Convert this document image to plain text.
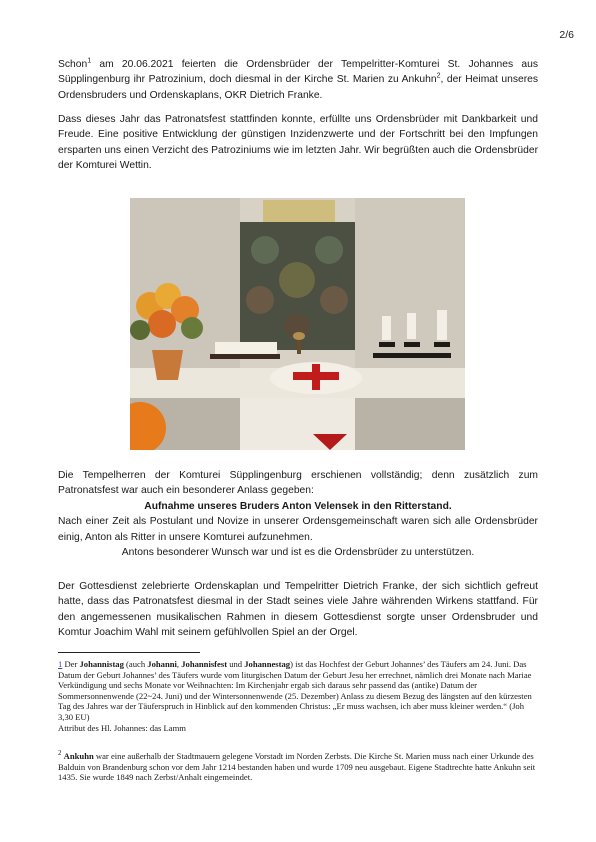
2/6

Schon$^1$ am 20.06.2021 feierten die Ordensbrüder der Tempelritter-Komturei St. Johannes aus Süpplingenburg ihr Patrozinium, doch diesmal in der Kirche St. Marien zu Ankuhn$^2$, der Heimat unseres Ordensbruders und Ordenskaplans, OKR Dietrich Franke.

Dass dieses Jahr das Patronatsfest stattfinden konnte, erfüllte uns Ordensbrüder mit Dankbarkeit und Freude. Eine positive Entwicklung der günstigen Inzidenzwerte und der Fortschritt bei den Impfungen ersparten uns einen Verzicht des Patroziniums wie im letzten Jahr. Wir begrüßten auch die Ordensbrüder der Komturei Wettin.

Die Tempelherren der Komturei Süpplingenburg erschienen vollständig; denn zusätzlich zum Patronatsfest war auch ein besonderer Anlass gegeben:
Aufnahme unseres Bruders Anton Velensek in den Ritterstand.
Nach einer Zeit als Postulant und Novize in unserer Ordensgemeinschaft waren sich alle Ordensbrüder einig, Anton als Ritter in unsere Komturei aufzunehmen.
Antons besonderer Wunsch war und ist es die Ordensbrüder zu unterstützen.

Der Gottesdienst zelebrierte Ordenskaplan und Tempelritter Dietrich Franke, der sich sichtlich gefreut hatte, dass das Patronatsfest diesmal in der Stadt seines viele Jahre währenden Wirkens stattfand. Für den angemessenen musikalischen Rahmen in diesem Gottesdienst sorgte unser Ordensbruder und Komtur Joachim Wahl mit seinem gefühlvollen Spiel an der Orgel.

1 Der Johannistag (auch Johanni, Johannisfest und Johannestag) ist das Hochfest der Geburt Johannes’ des Täufers am 24. Juni. Das Datum der Geburt Johannes’ des Täufers wurde vom liturgischen Datum der Geburt Jesu her errechnet, nämlich drei Monate nach Mariae Verkündigung und sechs Monate vor Weihnachten: Im Kirchenjahr ergab sich daraus sehr passend das (antike) Datum der Sommersonnenwende (22~24. Juni) und der Wintersonnenwende (25. Dezember) Anlass zu diesem Bezug des längsten auf den kürzesten Tag des Jahres war der Täuferspruch in Hinblick auf den kommenden Christus: „Er muss wachsen, ich aber muss kleiner werden.“ (Joh 3,30 EU)
Attribut des Hl. Johannes: das Lamm

$^2$ Ankuhn war eine außerhalb der Stadtmauern gelegene Vorstadt im Norden Zerbsts. Die Kirche St. Marien muss nach einer Urkunde des Balduin von Brandenburg schon vor dem Jahr 1214 bestanden haben und wurde 1709 neu ausgebaut. Eigene Stadtrechte hatte Ankuhn seit 1435. Sie wurde 1849 nach Zerbst/Anhalt eingemeindet.
